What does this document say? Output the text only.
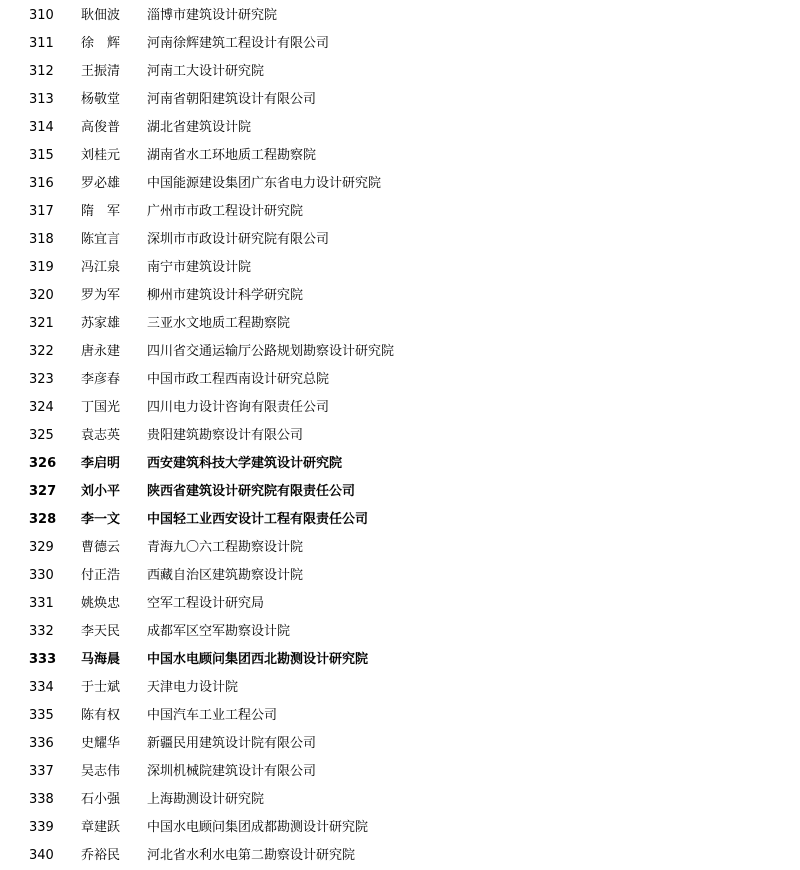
310	耿佃波	淄博市建筑设计研究院
311	徐　辉	河南徐辉建筑工程设计有限公司
312	王振清	河南工大设计研究院
313	杨敬堂	河南省朝阳建筑设计有限公司
314	高俊普	湖北省建筑设计院
315	刘桂元	湖南省水工环地质工程勘察院
316	罗必雄	中国能源建设集团广东省电力设计研究院
317	隋　军	广州市市政工程设计研究院
318	陈宜言	深圳市市政设计研究院有限公司
319	冯江泉	南宁市建筑设计院
320	罗为军	柳州市建筑设计科学研究院
321	苏家雄	三亚水文地质工程勘察院
322	唐永建	四川省交通运输厅公路规划勘察设计研究院
323	李彦春	中国市政工程西南设计研究总院
324	丁国光	四川电力设计咨询有限责任公司
325	袁志英	贵阳建筑勘察设计有限公司
326	李启明	西安建筑科技大学建筑设计研究院
327	刘小平	陕西省建筑设计研究院有限责任公司
328	李一文	中国轻工业西安设计工程有限责任公司
329	曹德云	青海九〇六工程勘察设计院
330	付正浩	西藏自治区建筑勘察设计院
331	姚焕忠	空军工程设计研究局
332	李天民	成都军区空军勘察设计院
333	马海晨	中国水电顾问集团西北勘测设计研究院
334	于士斌	天津电力设计院
335	陈有权	中国汽车工业工程公司
336	史耀华	新疆民用建筑设计院有限公司
337	吴志伟	深圳机械院建筑设计有限公司
338	石小强	上海勘测设计研究院
339	章建跃	中国水电顾问集团成都勘测设计研究院
340	乔裕民	河北省水利水电第二勘察设计研究院
